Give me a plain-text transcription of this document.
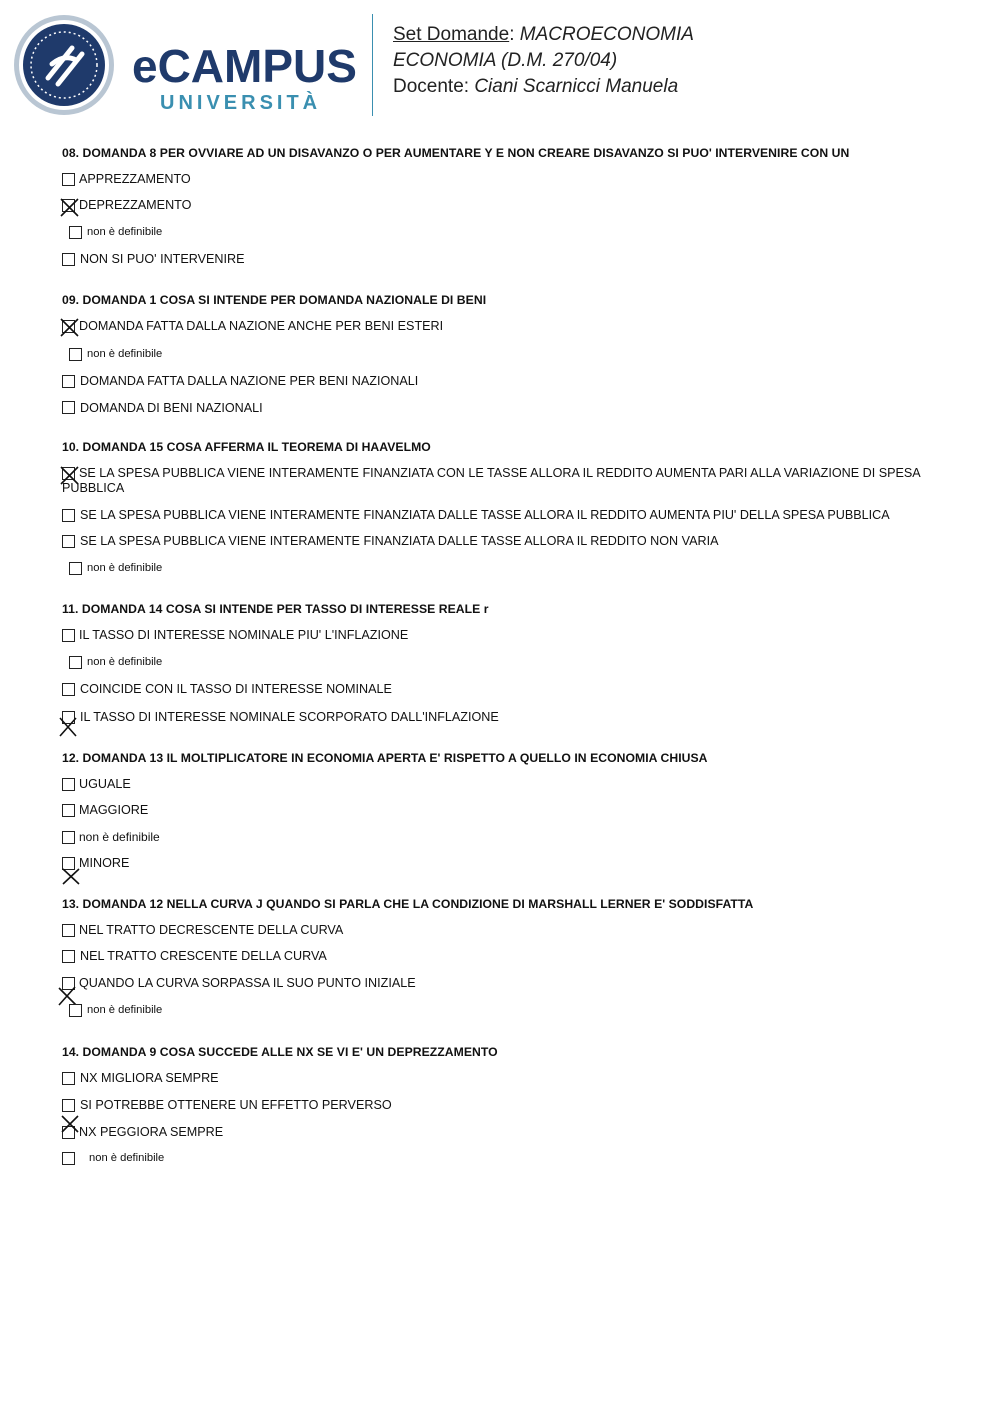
eCAMPUS
UNIVERSITÀ
Set Domande: MACROECONOMIA
ECONOMIA (D.M. 270/04)
Docente: Ciani Scarnicci Manuela
08. DOMANDA 8 PER OVVIARE AD UN DISAVANZO O PER AUMENTARE Y E NON CREARE DISAVANZO SI PUO' INTERVENIRE CON UN
APPREZZAMENTO
DEPREZZAMENTO
non è definibile
NON SI PUO' INTERVENIRE
09. DOMANDA 1 COSA SI INTENDE PER DOMANDA NAZIONALE DI BENI
DOMANDA FATTA DALLA NAZIONE ANCHE PER BENI ESTERI
non è definibile
DOMANDA FATTA DALLA NAZIONE PER BENI NAZIONALI
DOMANDA DI BENI NAZIONALI
10. DOMANDA 15 COSA AFFERMA IL TEOREMA DI HAAVELMO
SE LA SPESA PUBBLICA VIENE INTERAMENTE FINANZIATA CON LE TASSE ALLORA IL REDDITO AUMENTA PARI ALLA VARIAZIONE DI SPESA PUBBLICA
SE LA SPESA PUBBLICA VIENE INTERAMENTE FINANZIATA DALLE TASSE ALLORA IL REDDITO AUMENTA PIU' DELLA SPESA PUBBLICA
SE LA SPESA PUBBLICA VIENE INTERAMENTE FINANZIATA DALLE TASSE ALLORA IL REDDITO NON VARIA
non è definibile
11. DOMANDA 14 COSA SI INTENDE PER TASSO DI INTERESSE REALE r
IL TASSO DI INTERESSE NOMINALE PIU' L'INFLAZIONE
non è definibile
COINCIDE CON IL TASSO DI INTERESSE NOMINALE
IL TASSO DI INTERESSE NOMINALE SCORPORATO DALL'INFLAZIONE
12. DOMANDA 13 IL MOLTIPLICATORE IN ECONOMIA APERTA E' RISPETTO A QUELLO IN ECONOMIA CHIUSA
UGUALE
MAGGIORE
non è definibile
MINORE
13. DOMANDA 12 NELLA CURVA J QUANDO SI PARLA CHE LA CONDIZIONE DI MARSHALL LERNER E' SODDISFATTA
NEL TRATTO DECRESCENTE DELLA CURVA
NEL TRATTO CRESCENTE DELLA CURVA
QUANDO LA CURVA SORPASSA IL SUO PUNTO INIZIALE
non è definibile
14. DOMANDA 9 COSA SUCCEDE ALLE NX SE VI E' UN DEPREZZAMENTO
NX MIGLIORA SEMPRE
SI POTREBBE OTTENERE UN EFFETTO PERVERSO
NX PEGGIORA SEMPRE
non è definibile
